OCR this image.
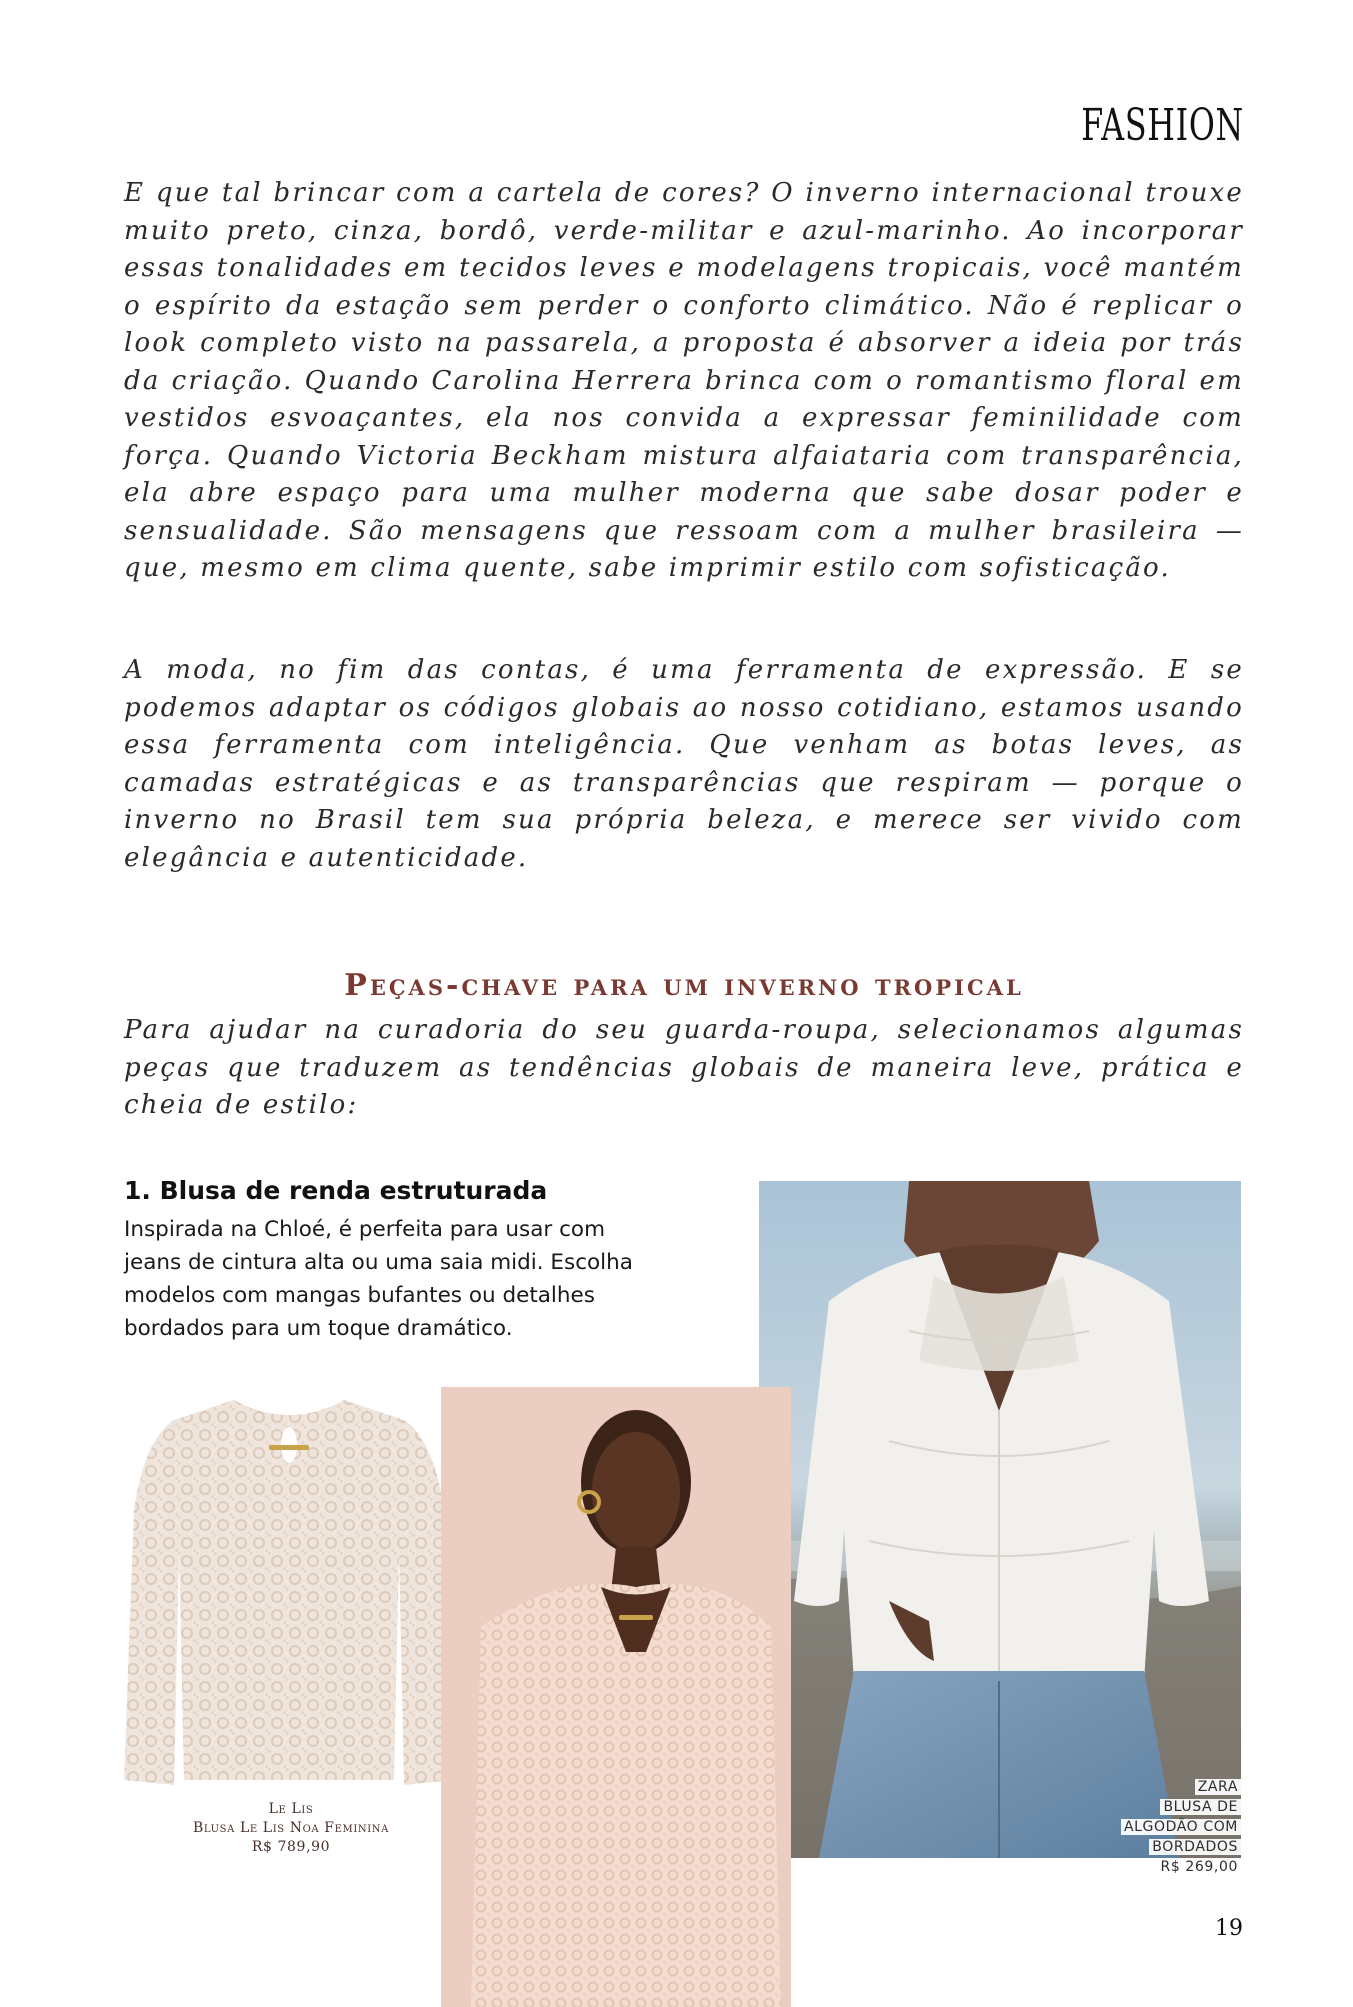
FASHION

E que tal brincar com a cartela de cores? O inverno internacional trouxe muito preto, cinza, bordô, verde-militar e azul-marinho. Ao incorporar essas tonalidades em tecidos leves e modelagens tropicais, você mantém o espírito da estação sem perder o conforto climático. Não é replicar o look completo visto na passarela, a proposta é absorver a ideia por trás da criação. Quando Carolina Herrera brinca com o romantismo floral em vestidos esvoaçantes, ela nos convida a expressar feminilidade com força. Quando Victoria Beckham mistura alfaiataria com transparência, ela abre espaço para uma mulher moderna que sabe dosar poder e sensualidade. São mensagens que ressoam com a mulher brasileira — que, mesmo em clima quente, sabe imprimir estilo com sofisticação.

A moda, no fim das contas, é uma ferramenta de expressão. E se podemos adaptar os códigos globais ao nosso cotidiano, estamos usando essa ferramenta com inteligência. Que venham as botas leves, as camadas estratégicas e as transparências que respiram — porque o inverno no Brasil tem sua própria beleza, e merece ser vivido com elegância e autenticidade.

Peças-chave para um inverno tropical

Para ajudar na curadoria do seu guarda-roupa, selecionamos algumas peças que traduzem as tendências globais de maneira leve, prática e cheia de estilo:

1. Blusa de renda estruturada

Inspirada na Chloé, é perfeita para usar com
jeans de cintura alta ou uma saia midi. Escolha
modelos com mangas bufantes ou detalhes
bordados para um toque dramático.

Le Lis
Blusa Le Lis Noa Feminina
R$ 789,90
ZARA
BLUSA DE
ALGODÃO COM
BORDADOS
R$ 269,00
19
